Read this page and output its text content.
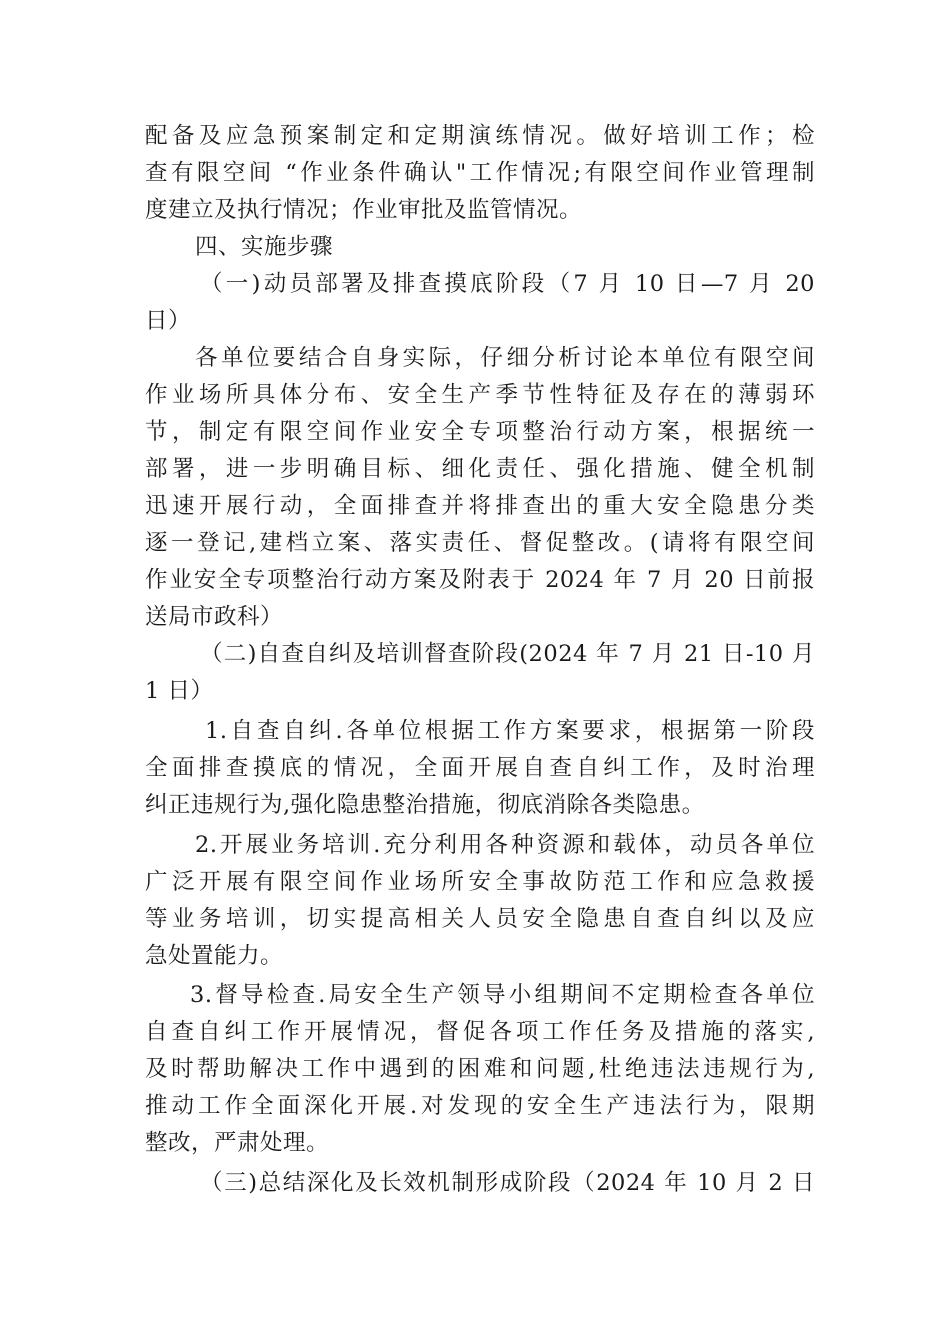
配备及应急预案制定和定期演练情况。做好培训工作；检
查有限空间 “作业条件确认"工作情况;有限空间作业管理制
度建立及执行情况；作业审批及监管情况。
四、实施步骤
（一)动员部署及排查摸底阶段（7 月 10 日—7 月 20
日）
各单位要结合自身实际，仔细分析讨论本单位有限空间
作业场所具体分布、安全生产季节性特征及存在的薄弱环
节，制定有限空间作业安全专项整治行动方案，根据统一
部署，进一步明确目标、细化责任、强化措施、健全机制
迅速开展行动，全面排查并将排查出的重大安全隐患分类
逐一登记,建档立案、落实责任、督促整改。(请将有限空间
作业安全专项整治行动方案及附表于 2024 年 7 月 20 日前报
送局市政科）
（二)自查自纠及培训督查阶段(2024 年 7 月 21 日-10 月
1 日）
1.自查自纠.各单位根据工作方案要求，根据第一阶段
全面排查摸底的情况，全面开展自查自纠工作，及时治理
纠正违规行为,强化隐患整治措施，彻底消除各类隐患。
2.开展业务培训.充分利用各种资源和载体，动员各单位
广泛开展有限空间作业场所安全事故防范工作和应急救援
等业务培训，切实提高相关人员安全隐患自查自纠以及应
急处置能力。
3.督导检查.局安全生产领导小组期间不定期检查各单位
自查自纠工作开展情况，督促各项工作任务及措施的落实,
及时帮助解决工作中遇到的困难和问题,杜绝违法违规行为,
推动工作全面深化开展.对发现的安全生产违法行为，限期
整改，严肃处理。
（三)总结深化及长效机制形成阶段（2024 年 10 月 2 日
